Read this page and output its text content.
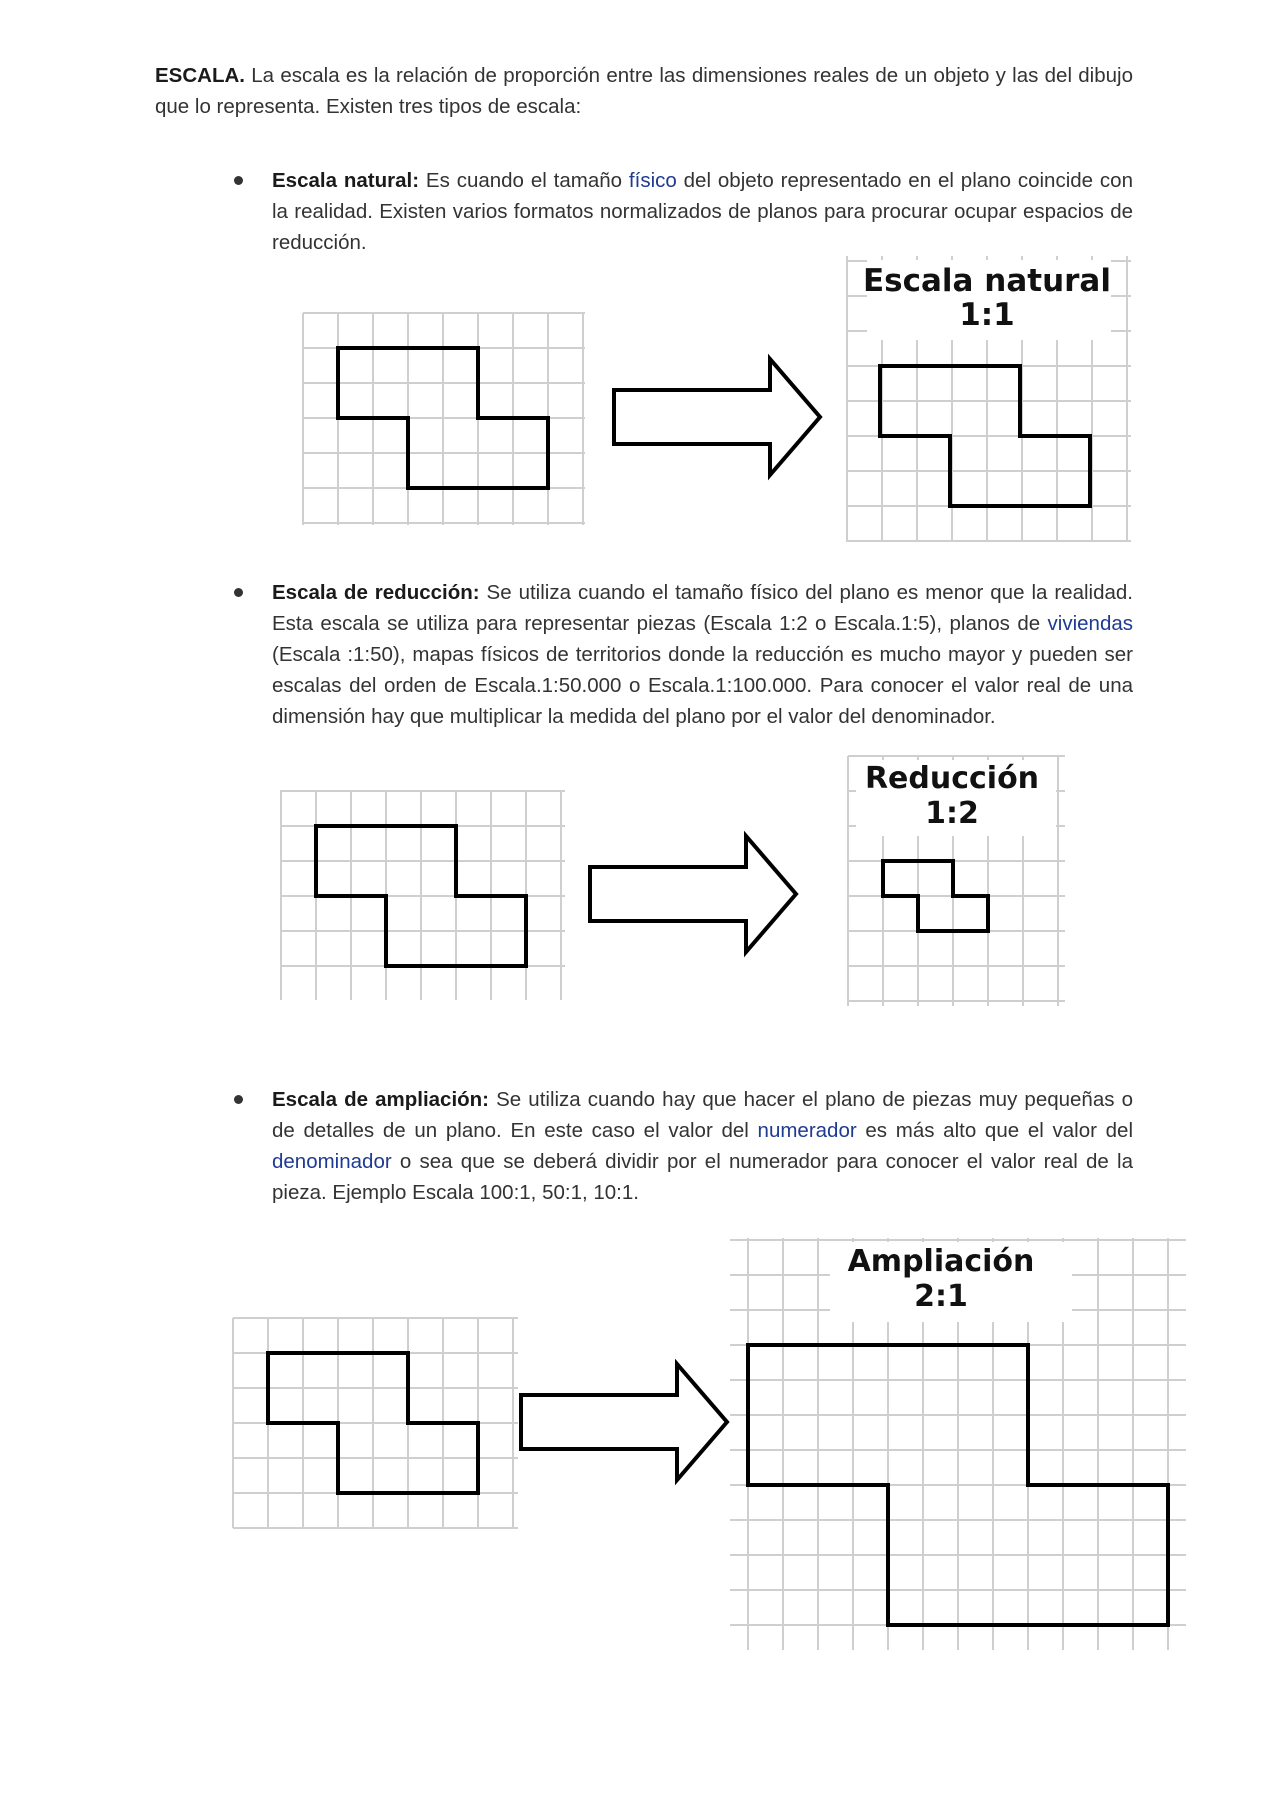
ESCALA. La escala es la relación de proporción entre las dimensiones reales de un objeto y las del dibujo que lo representa. Existen tres tipos de escala:

Escala natural: Es cuando el tamaño físico del objeto representado en el plano coincide con la realidad. Existen varios formatos normalizados de planos para procurar ocupar espacios de reducción.

Escala natural
1:1

Escala de reducción: Se utiliza cuando el tamaño físico del plano es menor que la realidad. Esta escala se utiliza para representar piezas (Escala 1:2 o Escala.1:5), planos de viviendas (Escala :1:50), mapas físicos de territorios donde la reducción es mucho mayor y pueden ser escalas del orden de Escala.1:50.000 o Escala.1:100.000. Para conocer el valor real de una dimensión hay que multiplicar la medida del plano por el valor del denominador.

Reducción
1:2

Escala de ampliación: Se utiliza cuando hay que hacer el plano de piezas muy pequeñas o de detalles de un plano. En este caso el valor del numerador es más alto que el valor del denominador o sea que se deberá dividir por el numerador para conocer el valor real de la pieza. Ejemplo Escala 100:1, 50:1, 10:1.

Ampliación
2:1
